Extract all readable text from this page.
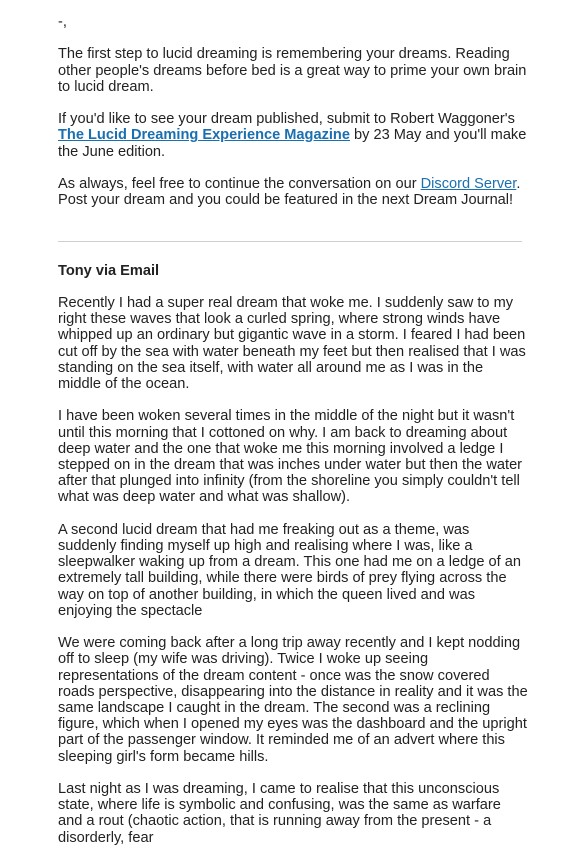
-,

The first step to lucid dreaming is remembering your dreams. Reading other people's dreams before bed is a great way to prime your own brain to lucid dream.

If you'd like to see your dream published, submit to Robert Waggoner's The Lucid Dreaming Experience Magazine by 23 May and you'll make the June edition.

As always, feel free to continue the conversation on our Discord Server. Post your dream and you could be featured in the next Dream Journal!

Tony via Email

Recently I had a super real dream that woke me. I suddenly saw to my right these waves that look a curled spring, where strong winds have whipped up an ordinary but gigantic wave in a storm. I feared I had been cut off by the sea with water beneath my feet but then realised that I was standing on the sea itself, with water all around me as I was in the middle of the ocean.

I have been woken several times in the middle of the night but it wasn't until this morning that I cottoned on why. I am back to dreaming about deep water and the one that woke me this morning involved a ledge I stepped on in the dream that was inches under water but then the water after that plunged into infinity (from the shoreline you simply couldn't tell what was deep water and what was shallow).

A second lucid dream that had me freaking out as a theme, was suddenly finding myself up high and realising where I was, like a sleepwalker waking up from a dream. This one had me on a ledge of an extremely tall building, while there were birds of prey flying across the way on top of another building, in which the queen lived and was enjoying the spectacle

We were coming back after a long trip away recently and I kept nodding off to sleep (my wife was driving). Twice I woke up seeing representations of the dream content - once was the snow covered roads perspective, disappearing into the distance in reality and it was the same landscape I caught in the dream. The second was a reclining figure, which when I opened my eyes was the dashboard and the upright part of the passenger window. It reminded me of an advert where this sleeping girl's form became hills.

Last night as I was dreaming, I came to realise that this unconscious state, where life is symbolic and confusing, was the same as warfare and a rout (chaotic action, that is running away from the present - a disorderly, fear
